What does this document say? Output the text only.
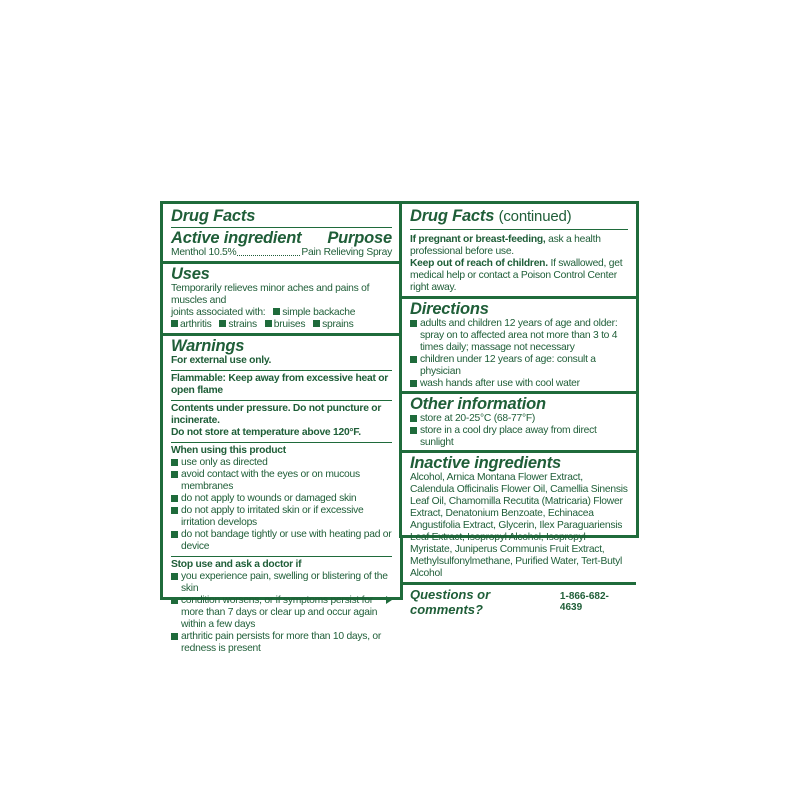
Drug Facts
Active ingredient Purpose
Menthol 10.5%	Pain Relieving Spray
Uses
Temporarily relieves minor aches and pains of muscles and
joints associated with: simple backache
arthritis strains bruises sprains
Warnings
For external use only.
Flammable: Keep away from excessive heat or open flame
Contents under pressure. Do not puncture or incinerate.
Do not store at temperature above 120°F.
When using this product
use only as directed
avoid contact with the eyes or on mucous membranes
do not apply to wounds or damaged skin
do not apply to irritated skin or if excessive irritation develops
do not bandage tightly or use with heating pad or device
Stop use and ask a doctor if
you experience pain, swelling or blistering of the skin
condition worsens, or if symptoms persist for more than 7 days or clear up and occur again within a few days
arthritic pain persists for more than 10 days, or redness is present
Drug Facts (continued)
If pregnant or breast-feeding, ask a health professional before use.
Keep out of reach of children. If swallowed, get medical help or contact a Poison Control Center right away.
Directions
adults and children 12 years of age and older: spray on to affected area not more than 3 to 4 times daily; massage not necessary
children under 12 years of age: consult a physician
wash hands after use with cool water
Other information
store at 20-25°C (68-77°F)
store in a cool dry place away from direct sunlight
Inactive ingredients
Alcohol, Arnica Montana Flower Extract, Calendula Officinalis Flower Oil, Camellia Sinensis Leaf Oil, Chamomilla Recutita (Matricaria) Flower Extract, Denatonium Benzoate, Echinacea Angustifolia Extract, Glycerin, Ilex Paraguariensis Leaf Extract, Isopropyl Alcohol, Isopropyl Myristate, Juniperus Communis Fruit Extract, Methylsulfonylmethane, Purified Water, Tert-Butyl Alcohol
Questions or comments?
1-866-682-4639
